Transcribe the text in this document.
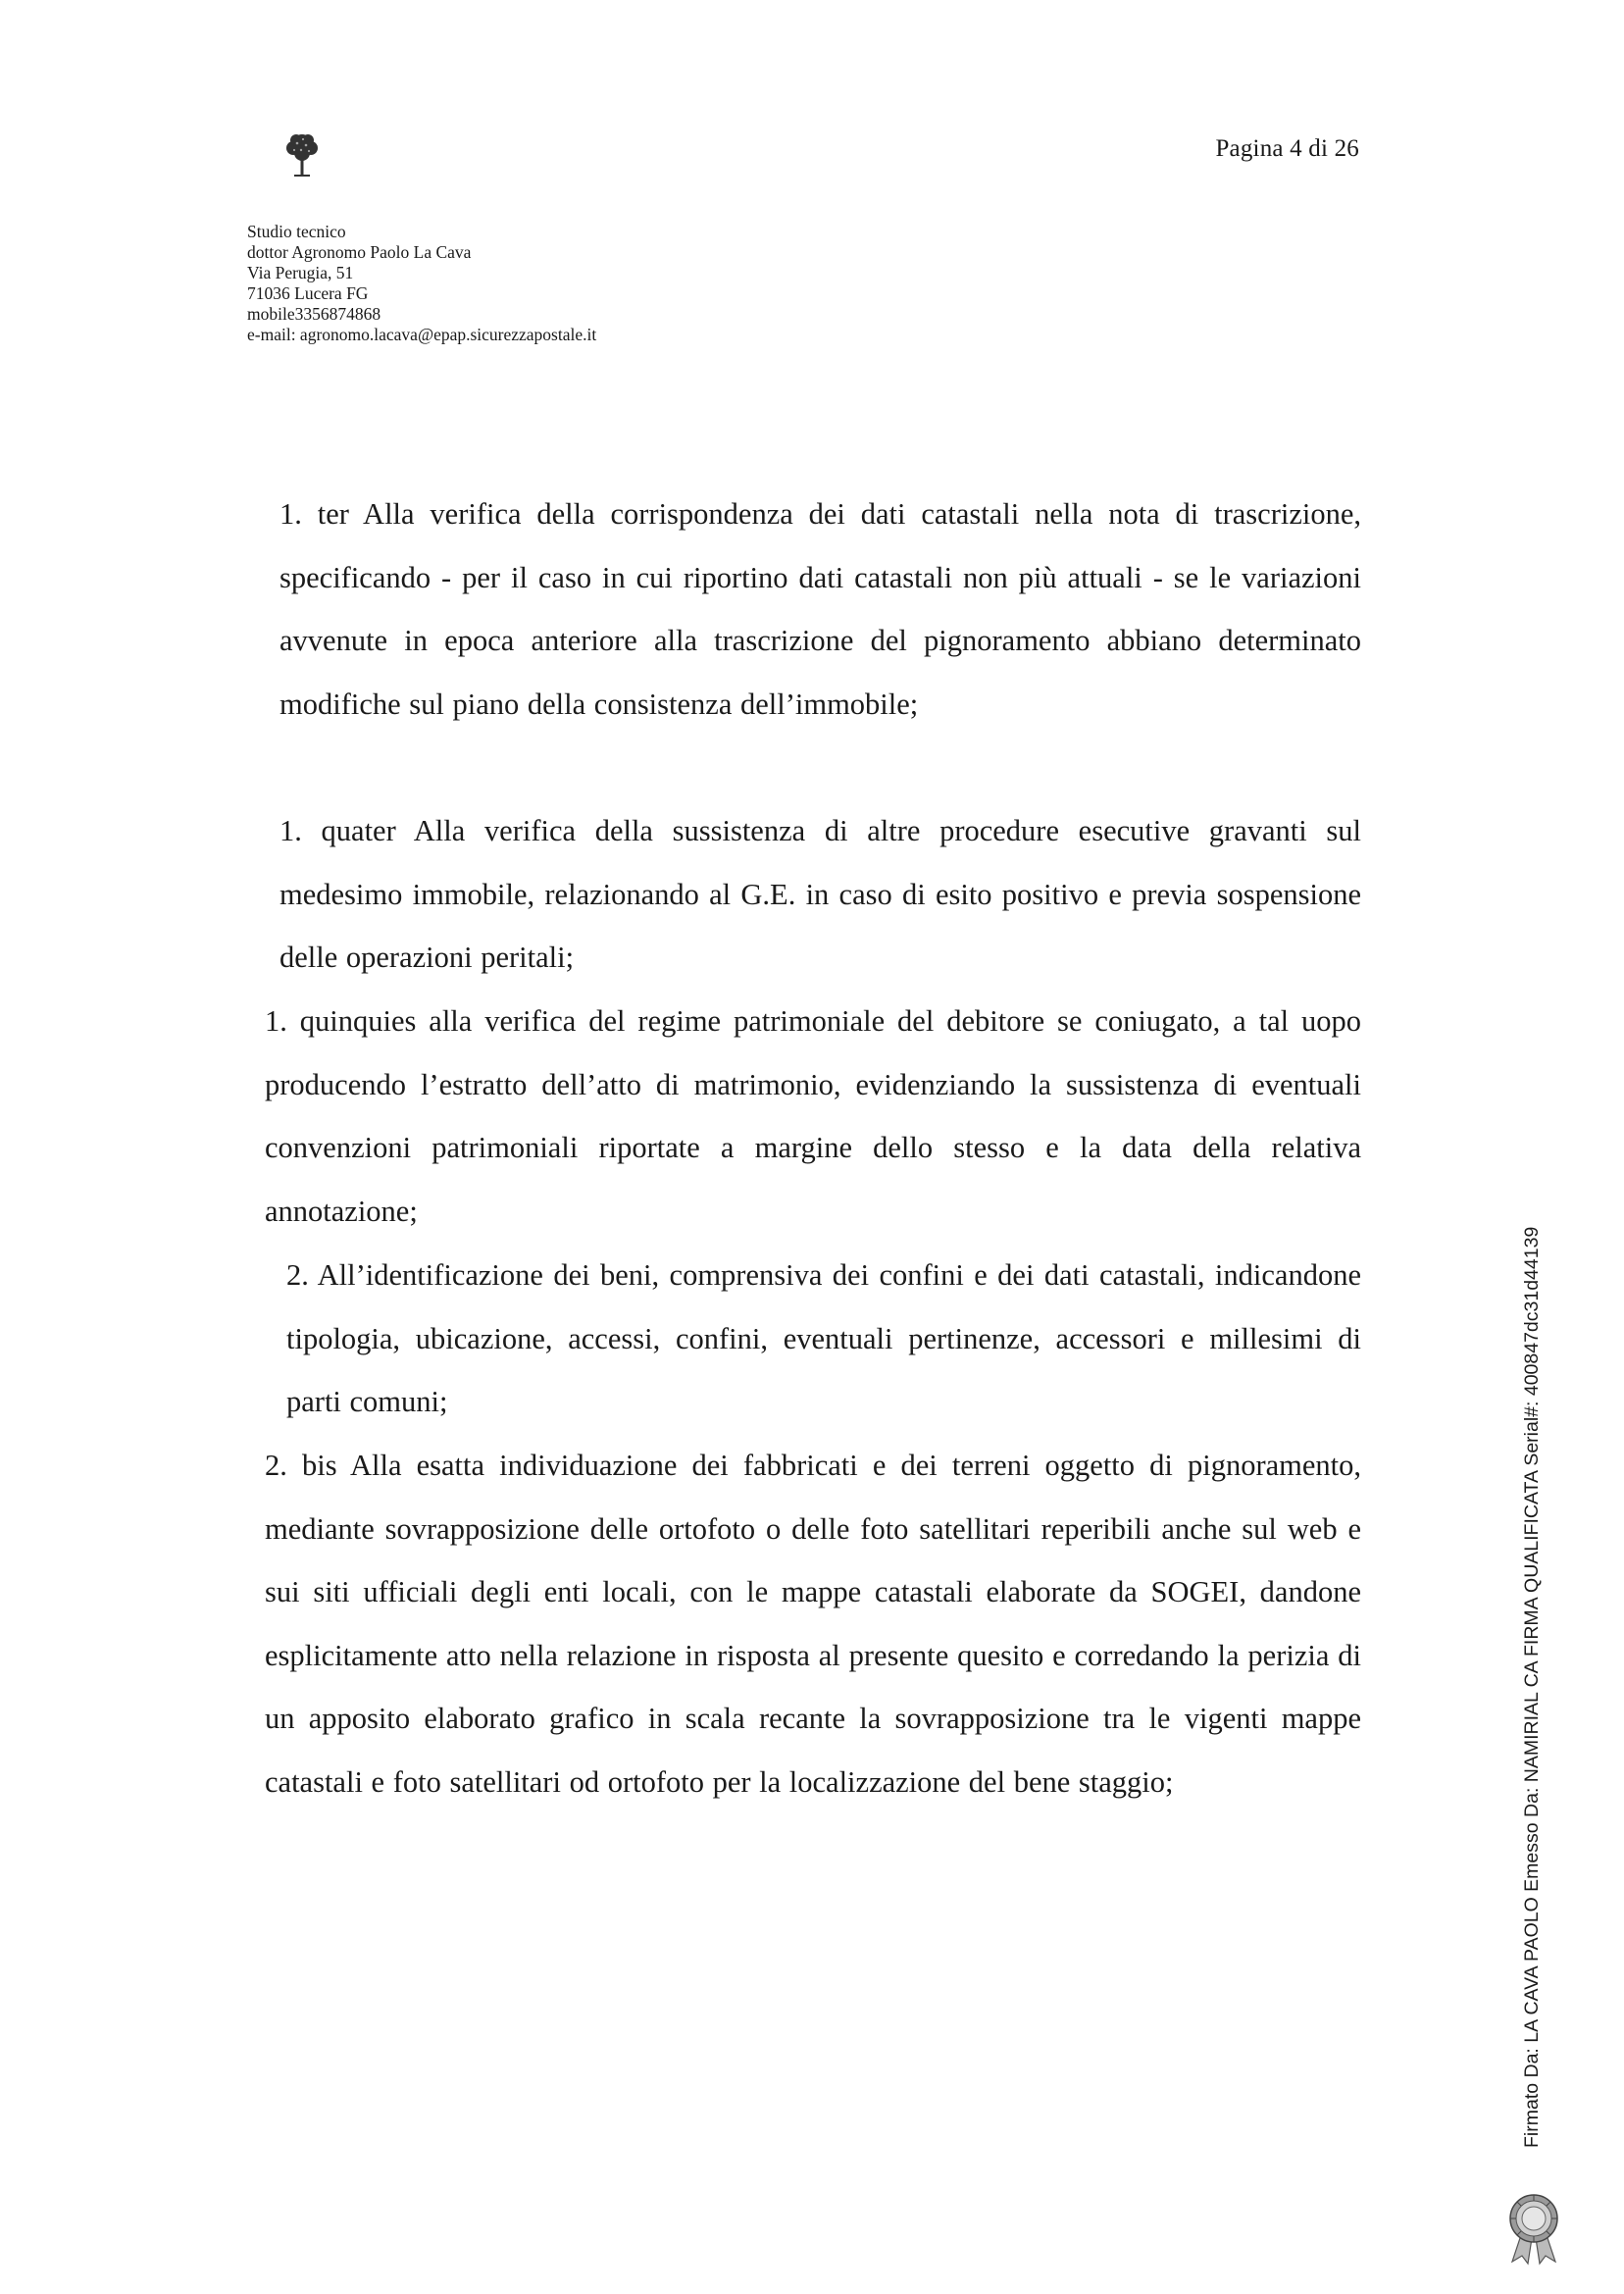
Pagina 4 di 26
Studio tecnico
dottor Agronomo Paolo La Cava
Via Perugia, 51
71036 Lucera FG
mobile3356874868
e-mail: agronomo.lacava@epap.sicurezzapostale.it
1. ter Alla verifica della corrispondenza dei dati catastali nella nota di trascrizione, specificando - per il caso in cui riportino dati catastali non più attuali - se le variazioni avvenute in epoca anteriore alla trascrizione del pignoramento abbiano determinato modifiche sul piano della consistenza dell’immobile;
1. quater Alla verifica della sussistenza di altre procedure esecutive gravanti sul medesimo immobile, relazionando al G.E. in caso di esito positivo e previa sospensione delle operazioni peritali;
1. quinquies alla verifica del regime patrimoniale del debitore se coniugato, a tal uopo producendo l’estratto dell’atto di matrimonio, evidenziando la sussistenza di eventuali convenzioni patrimoniali riportate a margine dello stesso e la data della relativa annotazione;
2. All’identificazione dei beni, comprensiva dei confini e dei dati catastali, indicandone tipologia, ubicazione, accessi, confini, eventuali pertinenze, accessori e millesimi di parti comuni;
2. bis Alla esatta individuazione dei fabbricati e dei terreni oggetto di pignoramento, mediante sovrapposizione delle ortofoto o delle foto satellitari reperibili anche sul web e sui siti ufficiali degli enti locali, con le mappe catastali elaborate da SOGEI, dandone esplicitamente atto nella relazione in risposta al presente quesito e corredando la perizia di un apposito elaborato grafico in scala recante la sovrapposizione tra le vigenti mappe catastali e foto satellitari od ortofoto per la localizzazione del bene staggio;	Firmato Da: LA CAVA PAOLO Emesso Da: NAMIRIAL CA FIRMA QUALIFICATA Serial#: 400847dc31d44139
